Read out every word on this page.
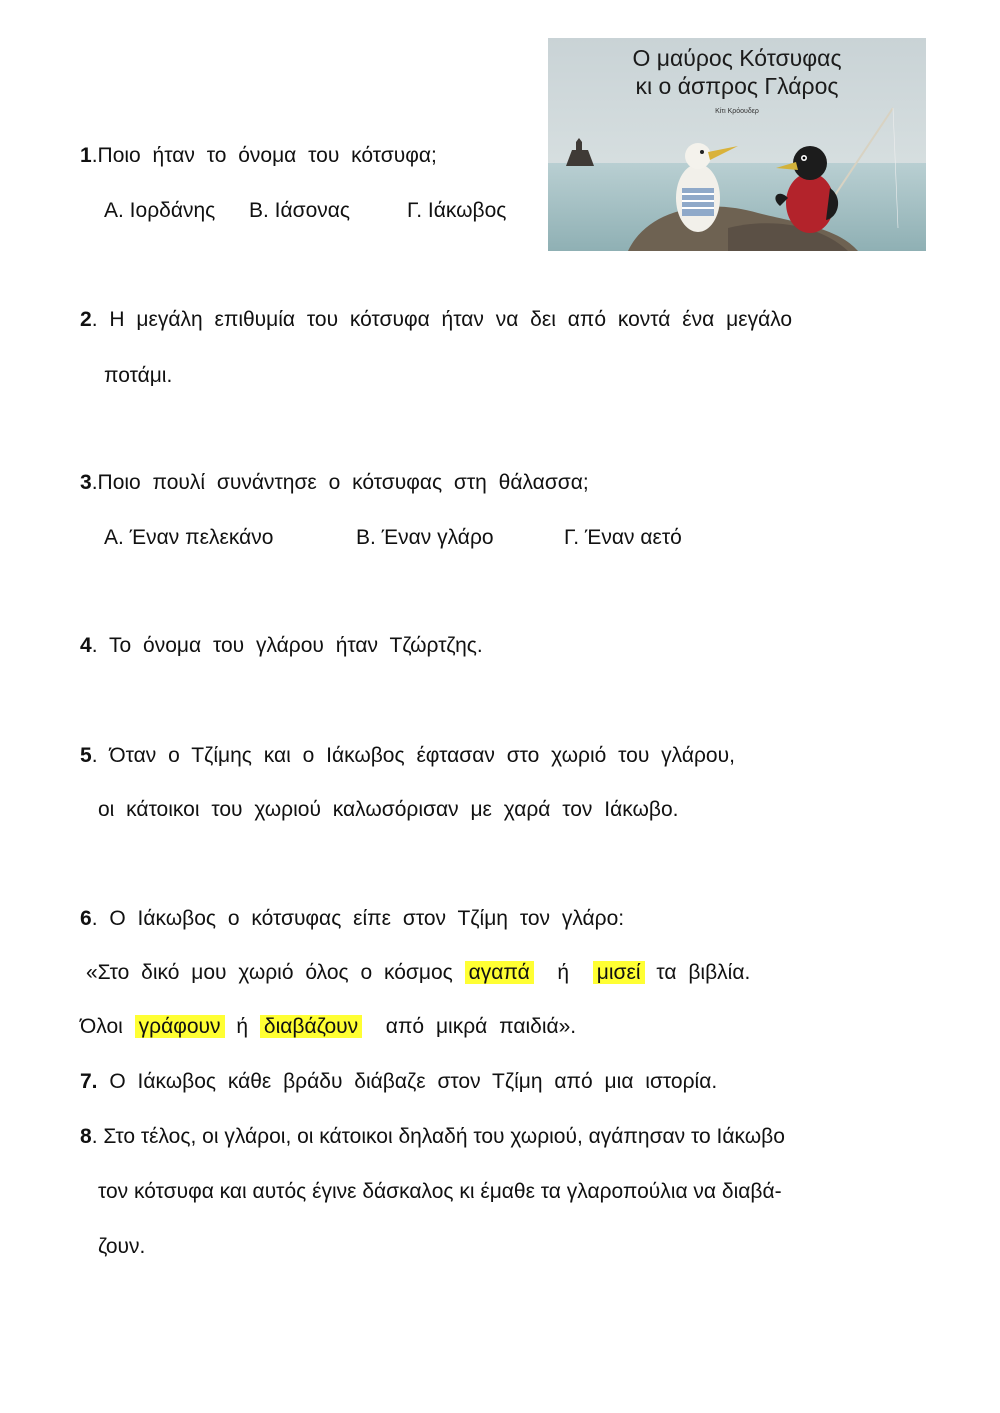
Ο μαύρος Κότσυφας
κι ο άσπρος Γλάρος
Κίτι Κρόουδερ
1.Ποιο ήταν το όνομα του κότσυφα;
Α. Ιορδάνης Β. Ιάσονας	Γ. Ιάκωβος
2. Η μεγάλη επιθυμία του κότσυφα ήταν να δει από κοντά ένα μεγάλο
ποτάμι.
3.Ποιο πουλί συνάντησε ο κότσυφας στη θάλασσα;
Α. Έναν πελεκάνο	Β. Έναν γλάρο	Γ. Έναν αετό
4. Το όνομα του γλάρου ήταν Τζώρτζης.
5. Όταν ο Τζίμης και ο Ιάκωβος έφτασαν στο χωριό του γλάρου,
οι κάτοικοι του χωριού καλωσόρισαν με χαρά τον Ιάκωβο.
6. Ο Ιάκωβος ο κότσυφας είπε στον Τζίμη τον γλάρο:
«Στο δικό μου χωριό όλος ο κόσμος αγαπά ή μισεί τα βιβλία.
Όλοι γράφουν ή διαβάζουν από μικρά παιδιά».
7. Ο Ιάκωβος κάθε βράδυ διάβαζε στον Τζίμη από μια ιστορία.
8. Στο τέλος, οι γλάροι, οι κάτοικοι δηλαδή του χωριού, αγάπησαν το Ιάκωβο
τον κότσυφα και αυτός έγινε δάσκαλος κι έμαθε τα γλαροπούλια να διαβά-
ζουν.
